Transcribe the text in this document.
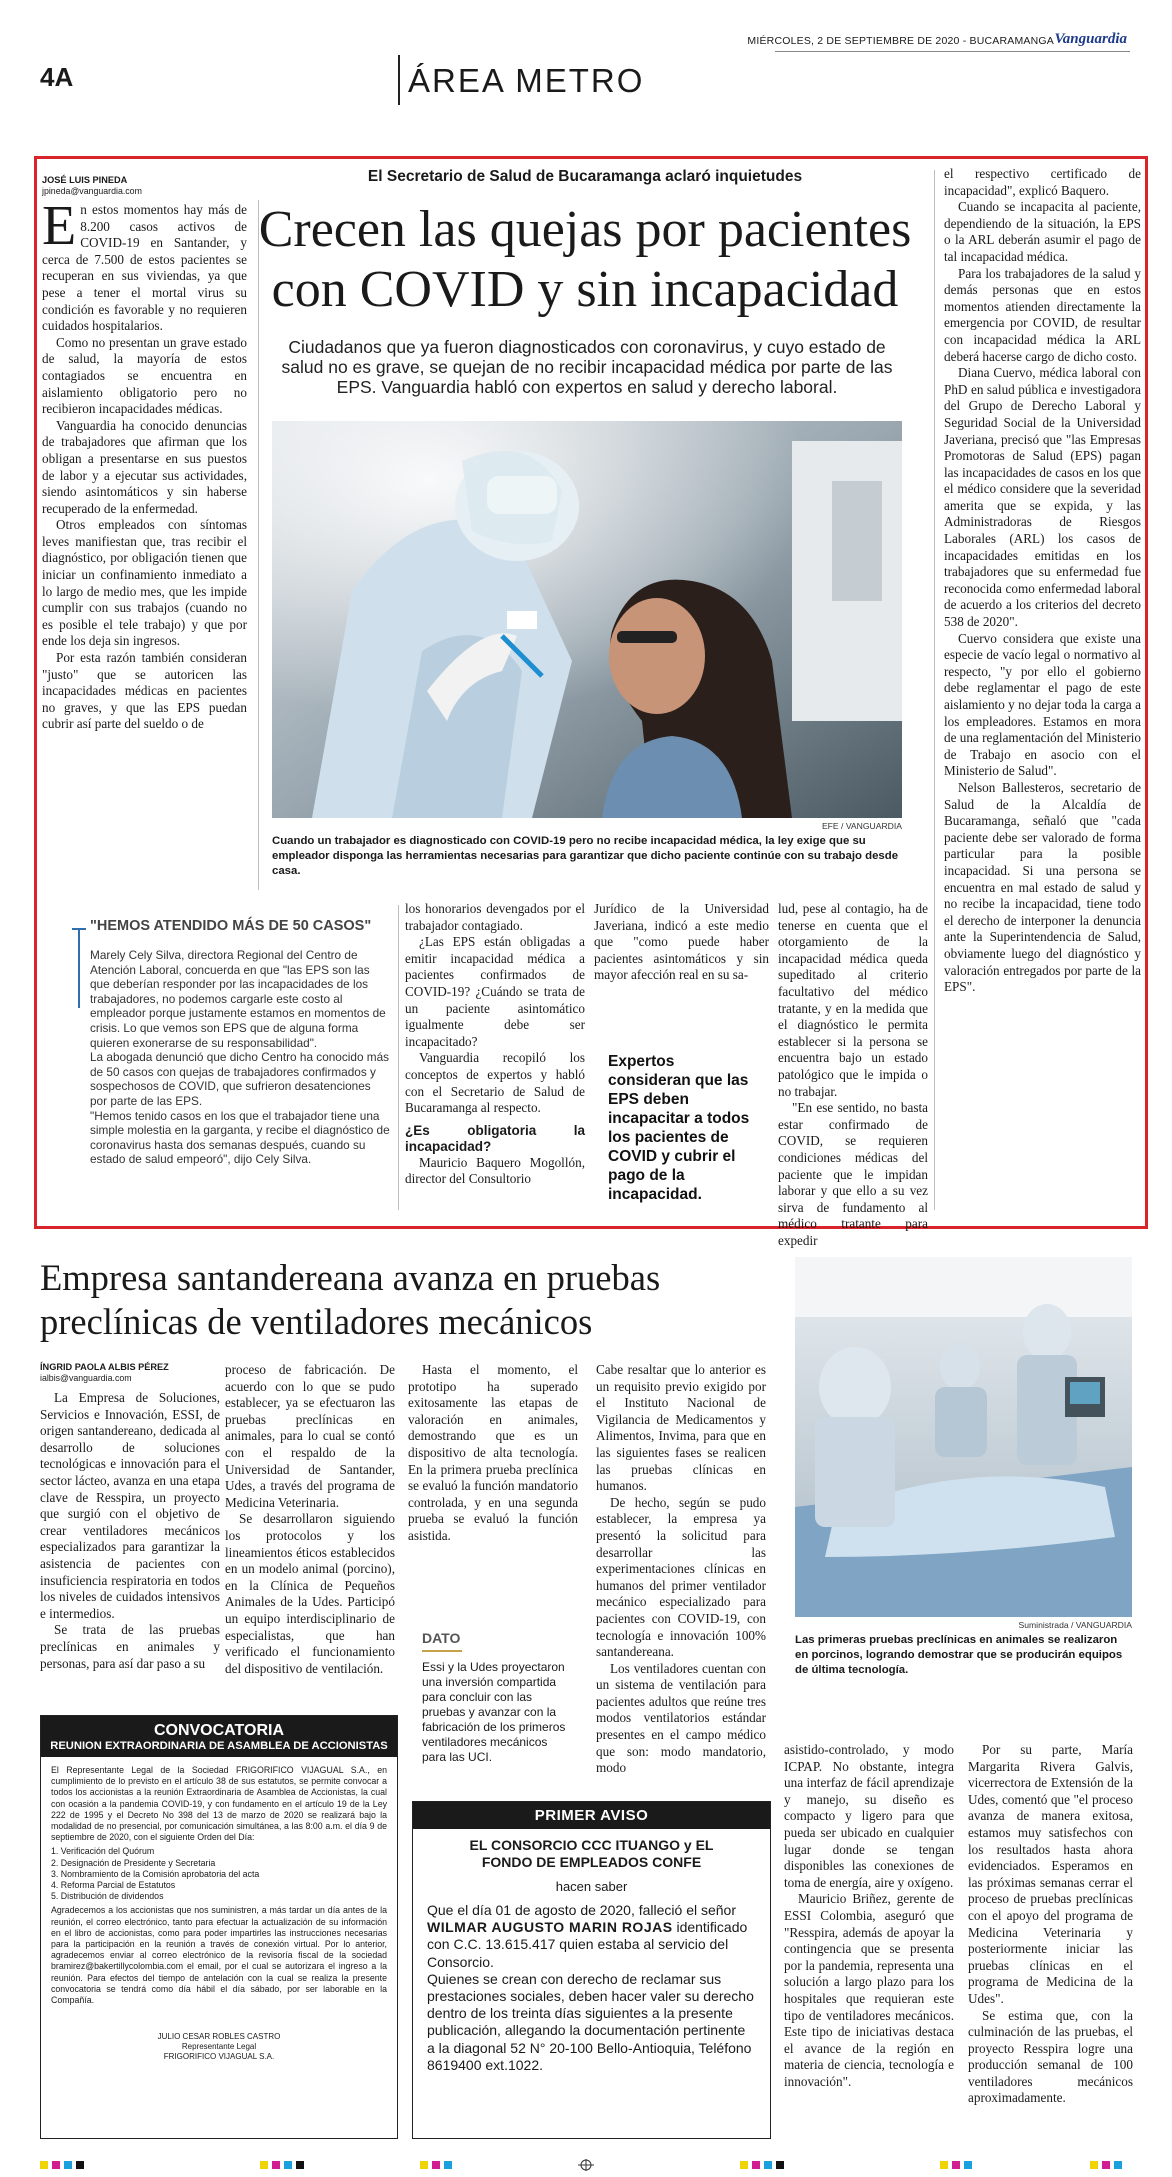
MIÉRCOLES, 2 DE SEPTIEMBRE DE 2020 - BUCARAMANGA Vanguardia
4A	ÁREA METRO
JOSÉ LUIS PINEDA
jpineda@vanguardia.com
El Secretario de Salud de Bucaramanga aclaró inquietudes
Crecen las quejas por pacientes
con COVID y sin incapacidad
Ciudadanos que ya fueron diagnosticados con coronavirus, y cuyo estado de salud no es grave, se quejan de no recibir incapacidad médica por parte de las EPS. Vanguardia habló con expertos en salud y derecho laboral.

En estos momentos hay más de 8.200 casos activos de COVID-19 en Santander, y cerca de 7.500 de estos pacientes se recuperan en sus viviendas, ya que pese a tener el mortal virus su condición es favorable y no requieren cuidados hospitalarios.

Como no presentan un grave estado de salud, la mayoría de estos contagiados se encuentra en aislamiento obligatorio pero no recibieron incapacidades médicas.

Vanguardia ha conocido denuncias de trabajadores que afirman que los obligan a presentarse en sus puestos de labor y a ejecutar sus actividades, siendo asintomáticos y sin haberse recuperado de la enfermedad.

Otros empleados con síntomas leves manifiestan que, tras recibir el diagnóstico, por obligación tienen que iniciar un confinamiento inmediato a lo largo de medio mes, que les impide cumplir con sus trabajos (cuando no es posible el tele trabajo) y que por ende los deja sin ingresos.

Por esta razón también consideran "justo" que se autoricen las incapacidades médicas en pacientes no graves, y que las EPS puedan cubrir así parte del sueldo o de

EFE / VANGUARDIA
Cuando un trabajador es diagnosticado con COVID-19 pero no recibe incapacidad médica, la ley exige que su empleador disponga las herramientas necesarias para garantizar que dicho paciente continúe con su trabajo desde casa.

el respectivo certificado de incapacidad", explicó Baquero.

Cuando se incapacita al paciente, dependiendo de la situación, la EPS o la ARL deberán asumir el pago de tal incapacidad médica.

Para los trabajadores de la salud y demás personas que en estos momentos atienden directamente la emergencia por COVID, de resultar con incapacidad médica la ARL deberá hacerse cargo de dicho costo.

Diana Cuervo, médica laboral con PhD en salud pública e investigadora del Grupo de Derecho Laboral y Seguridad Social de la Universidad Javeriana, precisó que "las Empresas Promotoras de Salud (EPS) pagan las incapacidades de casos en los que el médico considere que la severidad amerita que se expida, y las Administradoras de Riesgos Laborales (ARL) los casos de incapacidades emitidas en los trabajadores que su enfermedad fue reconocida como enfermedad laboral de acuerdo a los criterios del decreto 538 de 2020".

Cuervo considera que existe una especie de vacío legal o normativo al respecto, "y por ello el gobierno debe reglamentar el pago de este aislamiento y no dejar toda la carga a los empleadores. Estamos en mora de una reglamentación del Ministerio de Trabajo en asocio con el Ministerio de Salud".

Nelson Ballesteros, secretario de Salud de la Alcaldía de Bucaramanga, señaló que "cada paciente debe ser valorado de forma particular para la posible incapacidad. Si una persona se encuentra en mal estado de salud y no recibe la incapacidad, tiene todo el derecho de interponer la denuncia ante la Superintendencia de Salud, obviamente luego del diagnóstico y valoración entregados por parte de la EPS".

"HEMOS ATENDIDO MÁS DE 50 CASOS"
Marely Cely Silva, directora Regional del Centro de Atención Laboral, concuerda en que "las EPS son las que deberían responder por las incapacidades de los trabajadores, no podemos cargarle este costo al empleador porque justamente estamos en momentos de crisis. Lo que vemos son EPS que de alguna forma quieren exonerarse de su responsabilidad".
La abogada denunció que dicho Centro ha conocido más de 50 casos con quejas de trabajadores confirmados y sospechosos de COVID, que sufrieron desatenciones por parte de las EPS.
"Hemos tenido casos en los que el trabajador tiene una simple molestia en la garganta, y recibe el diagnóstico de coronavirus hasta dos semanas después, cuando su estado de salud empeoró", dijo Cely Silva.

los honorarios devengados por el trabajador contagiado.

¿Las EPS están obligadas a emitir incapacidad médica a pacientes confirmados de COVID-19? ¿Cuándo se trata de un paciente asintomático igualmente debe ser incapacitado?

Vanguardia recopiló los conceptos de expertos y habló con el Secretario de Salud de Bucaramanga al respecto.

¿Es obligatoria la incapacidad?

Mauricio Baquero Mogollón, director del Consultorio

Jurídico de la Universidad Javeriana, indicó a este medio que "como puede haber pacientes asintomáticos y sin mayor afección real en su sa-

Expertos consideran que las EPS deben incapacitar a todos los pacientes de COVID y cubrir el pago de la incapacidad.

lud, pese al contagio, ha de tenerse en cuenta que el otorgamiento de la incapacidad médica queda supeditado al criterio facultativo del médico tratante, y en la medida que el diagnóstico le permita establecer si la persona se encuentra bajo un estado patológico que le impida o no trabajar.

"En ese sentido, no basta estar confirmado de COVID, se requieren condiciones médicas del paciente que le impidan laborar y que ello a su vez sirva de fundamento al médico tratante para expedir

Empresa santandereana avanza en pruebas
preclínicas de ventiladores mecánicos
ÍNGRID PAOLA ALBIS PÉREZ
ialbis@vanguardia.com

La Empresa de Soluciones, Servicios e Innovación, ESSI, de origen santandereano, dedicada al desarrollo de soluciones tecnológicas e innovación para el sector lácteo, avanza en una etapa clave de Resspira, un proyecto que surgió con el objetivo de crear ventiladores mecánicos especializados para garantizar la asistencia de pacientes con insuficiencia respiratoria en todos los niveles de cuidados intensivos e intermedios.

Se trata de las pruebas preclínicas en animales y personas, para así dar paso a su

proceso de fabricación. De acuerdo con lo que se pudo establecer, ya se efectuaron las pruebas preclínicas en animales, para lo cual se contó con el respaldo de la Universidad de Santander, Udes, a través del programa de Medicina Veterinaria.

Se desarrollaron siguiendo los protocolos y los lineamientos éticos establecidos en un modelo animal (porcino), en la Clínica de Pequeños Animales de la Udes. Participó un equipo interdisciplinario de especialistas, que han verificado el funcionamiento del dispositivo de ventilación.

Hasta el momento, el prototipo ha superado exitosamente las etapas de valoración en animales, demostrando que es un dispositivo de alta tecnología. En la primera prueba preclínica se evaluó la función mandatorio controlada, y en una segunda prueba se evaluó la función asistida.

DATO
Essi y la Udes proyectaron una inversión compartida para concluir con las pruebas y avanzar con la fabricación de los primeros ventiladores mecánicos para las UCI.

Cabe resaltar que lo anterior es un requisito previo exigido por el Instituto Nacional de Vigilancia de Medicamentos y Alimentos, Invima, para que en las siguientes fases se realicen las pruebas clínicas en humanos.

De hecho, según se pudo establecer, la empresa ya presentó la solicitud para desarrollar las experimentaciones clínicas en humanos del primer ventilador mecánico especializado para pacientes con COVID-19, con tecnología e innovación 100% santandereana.

Los ventiladores cuentan con un sistema de ventilación para pacientes adultos que reúne tres modos ventilatorios estándar presentes en el campo médico que son: modo mandatorio, modo

asistido-controlado, y modo ICPAP. No obstante, integra una interfaz de fácil aprendizaje y manejo, su diseño es compacto y ligero para que pueda ser ubicado en cualquier lugar donde se tengan disponibles las conexiones de toma de energía, aire y oxígeno.

Mauricio Briñez, gerente de ESSI Colombia, aseguró que "Resspira, además de apoyar la contingencia que se presenta por la pandemia, representa una solución a largo plazo para los hospitales que requieran este tipo de ventiladores mecánicos. Este tipo de iniciativas destaca el avance de la región en materia de ciencia, tecnología e innovación".

Por su parte, María Margarita Rivera Galvis, vicerrectora de Extensión de la Udes, comentó que "el proceso avanza de manera exitosa, estamos muy satisfechos con los resultados hasta ahora evidenciados. Esperamos en las próximas semanas cerrar el proceso de pruebas preclínicas con el apoyo del programa de Medicina Veterinaria y posteriormente iniciar las pruebas clínicas en el programa de Medicina de la Udes".

Se estima que, con la culminación de las pruebas, el proyecto Resspira logre una producción semanal de 100 ventiladores mecánicos aproximadamente.

Suministrada / VANGUARDIA
Las primeras pruebas preclínicas en animales se realizaron en porcinos, logrando demostrar que se producirán equipos de última tecnología.
CONVOCATORIA
REUNION EXTRAORDINARIA DE ASAMBLEA DE ACCIONISTAS
El Representante Legal de la Sociedad FRIGORIFICO VIJAGUAL S.A., en cumplimiento de lo previsto en el artículo 38 de sus estatutos, se permite convocar a todos los accionistas a la reunión Extraordinaria de Asamblea de Accionistas, la cual con ocasión a la pandemia COVID-19, y con fundamento en el artículo 19 de la Ley 222 de 1995 y el Decreto No 398 del 13 de marzo de 2020 se realizará bajo la modalidad de no presencial, por comunicación simultánea, a las 8:00 a.m. el día 9 de septiembre de 2020, con el siguiente Orden del Día:
1. Verificación del Quórum
2. Designación de Presidente y Secretaria
3. Nombramiento de la Comisión aprobatoria del acta
4. Reforma Parcial de Estatutos
5. Distribución de dividendos
Agradecemos a los accionistas que nos suministren, a más tardar un día antes de la reunión, el correo electrónico, tanto para efectuar la actualización de su información en el libro de accionistas, como para poder impartirles las instrucciones necesarias para la participación en la reunión a través de conexión virtual. Por lo anterior, agradecemos enviar al correo electrónico de la revisoría fiscal de la sociedad bramirez@bakertillycolombia.com el email, por el cual se autorizara el ingreso a la reunión. Para efectos del tiempo de antelación con la cual se realiza la presente convocatoria se tendrá como día hábil el día sábado, por ser laborable en la Compañía.
JULIO CESAR ROBLES CASTRO
Representante Legal
FRIGORIFICO VIJAGUAL S.A.
PRIMER AVISO
EL CONSORCIO CCC ITUANGO y EL
FONDO DE EMPLEADOS CONFE
hacen saber
Que el día 01 de agosto de 2020, falleció el señor WILMAR AUGUSTO MARIN ROJAS identificado con C.C. 13.615.417 quien estaba al servicio del Consorcio.
Quienes se crean con derecho de reclamar sus prestaciones sociales, deben hacer valer su derecho dentro de los treinta días siguientes a la presente publicación, allegando la documentación pertinente a la diagonal 52 N° 20-100 Bello-Antioquia, Teléfono 8619400 ext.1022.
